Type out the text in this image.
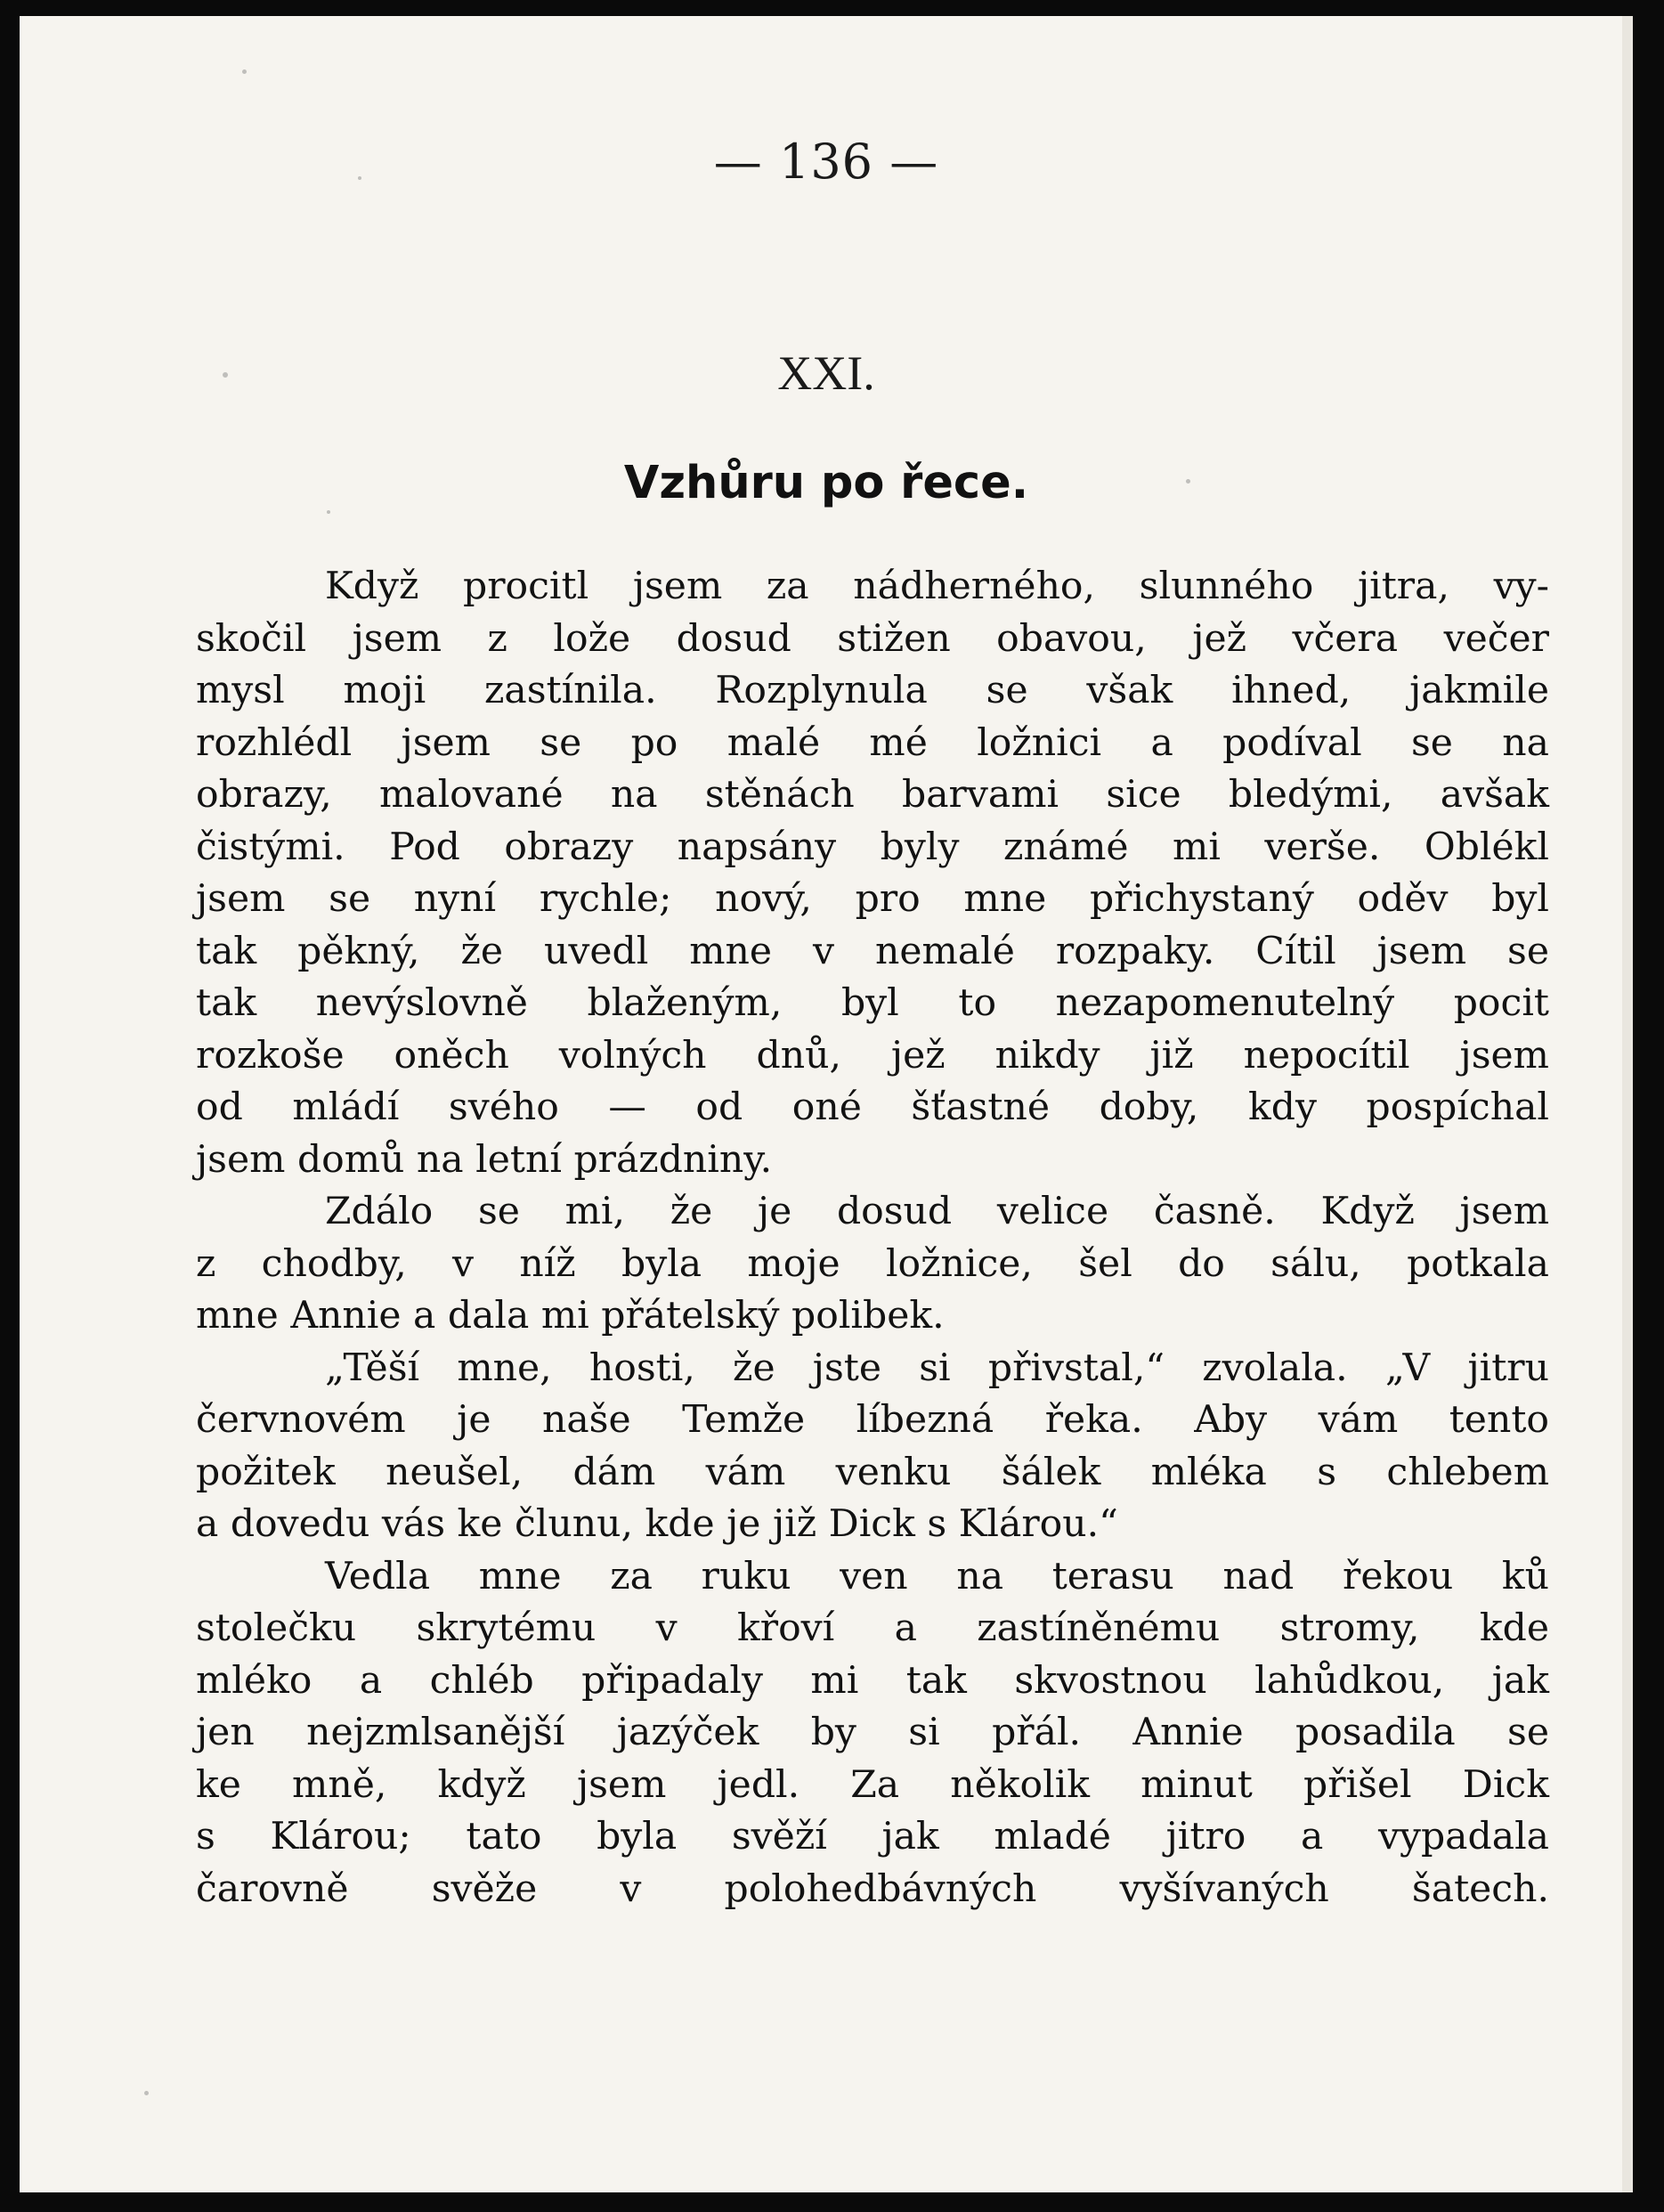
— 136 —
XXI.
Vzhůru po řece.
Když procitl jsem za nádherného, slunného jitra, vy-
skočil jsem z lože dosud stižen obavou, jež včera večer
mysl moji zastínila. Rozplynula se však ihned, jakmile
rozhlédl jsem se po malé mé ložnici a podíval se na
obrazy, malované na stěnách barvami sice bledými, avšak
čistými. Pod obrazy napsány byly známé mi verše. Oblékl
jsem se nyní rychle; nový, pro mne přichystaný oděv byl
tak pěkný, že uvedl mne v nemalé rozpaky. Cítil jsem se
tak nevýslovně blaženým, byl to nezapomenutelný pocit
rozkoše oněch volných dnů, jež nikdy již nepocítil jsem
od mládí svého — od oné šťastné doby, kdy pospíchal
jsem domů na letní prázdniny.
Zdálo se mi, že je dosud velice časně. Když jsem
z chodby, v níž byla moje ložnice, šel do sálu, potkala
mne Annie a dala mi přátelský polibek.
„Těší mne, hosti, že jste si přivstal,“ zvolala. „V jitru
červnovém je naše Temže líbezná řeka. Aby vám tento
požitek neušel, dám vám venku šálek mléka s chlebem
a dovedu vás ke člunu, kde je již Dick s Klárou.“
Vedla mne za ruku ven na terasu nad řekou ků
stolečku skrytému v křoví a zastíněnému stromy, kde
mléko a chléb připadaly mi tak skvostnou lahůdkou, jak
jen nejzmlsanější jazýček by si přál. Annie posadila se
ke mně, když jsem jedl. Za několik minut přišel Dick
s Klárou; tato byla svěží jak mladé jitro a vypadala
čarovně svěže v polohedbávných vyšívaných šatech.
